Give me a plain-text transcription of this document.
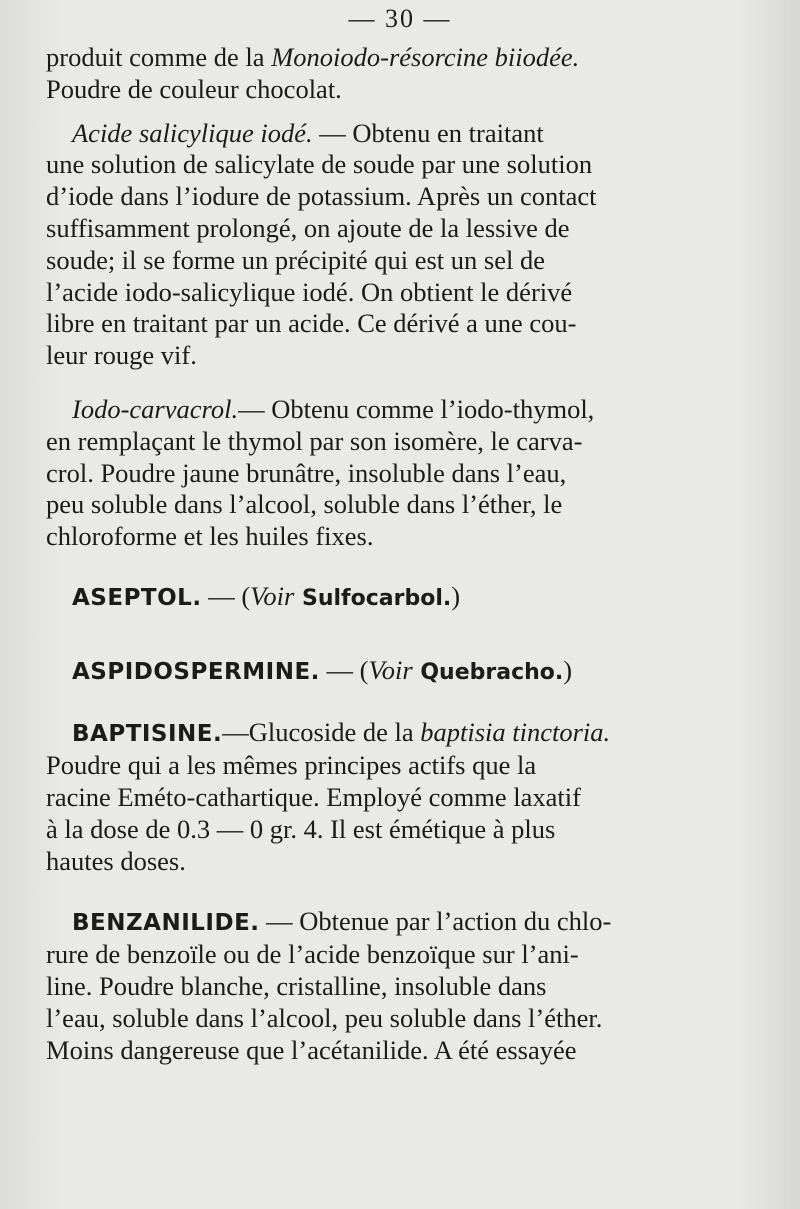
— 30 —
produit comme de la Monoiodo-résorcine biiodée.
Poudre de couleur chocolat.
Acide salicylique iodé. — Obtenu en traitant
une solution de salicylate de soude par une solution
d’iode dans l’iodure de potassium. Après un contact
suffisamment prolongé, on ajoute de la lessive de
soude; il se forme un précipité qui est un sel de
l’acide iodo-salicylique iodé. On obtient le dérivé
libre en traitant par un acide. Ce dérivé a une cou-
leur rouge vif.
Iodo-carvacrol.— Obtenu comme l’iodo-thymol,
en remplaçant le thymol par son isomère, le carva-
crol. Poudre jaune brunâtre, insoluble dans l’eau,
peu soluble dans l’alcool, soluble dans l’éther, le
chloroforme et les huiles fixes.
ASEPTOL. — (Voir Sulfocarbol.)
ASPIDOSPERMINE. — (Voir Quebracho.)
BAPTISINE.—Glucoside de la baptisia tinctoria.
Poudre qui a les mêmes principes actifs que la
racine Eméto-cathartique. Employé comme laxatif
à la dose de 0.3 — 0 gr. 4. Il est émétique à plus
hautes doses.
BENZANILIDE. — Obtenue par l’action du chlo-
rure de benzoïle ou de l’acide benzoïque sur l’ani-
line. Poudre blanche, cristalline, insoluble dans
l’eau, soluble dans l’alcool, peu soluble dans l’éther.
Moins dangereuse que l’acétanilide. A été essayée
